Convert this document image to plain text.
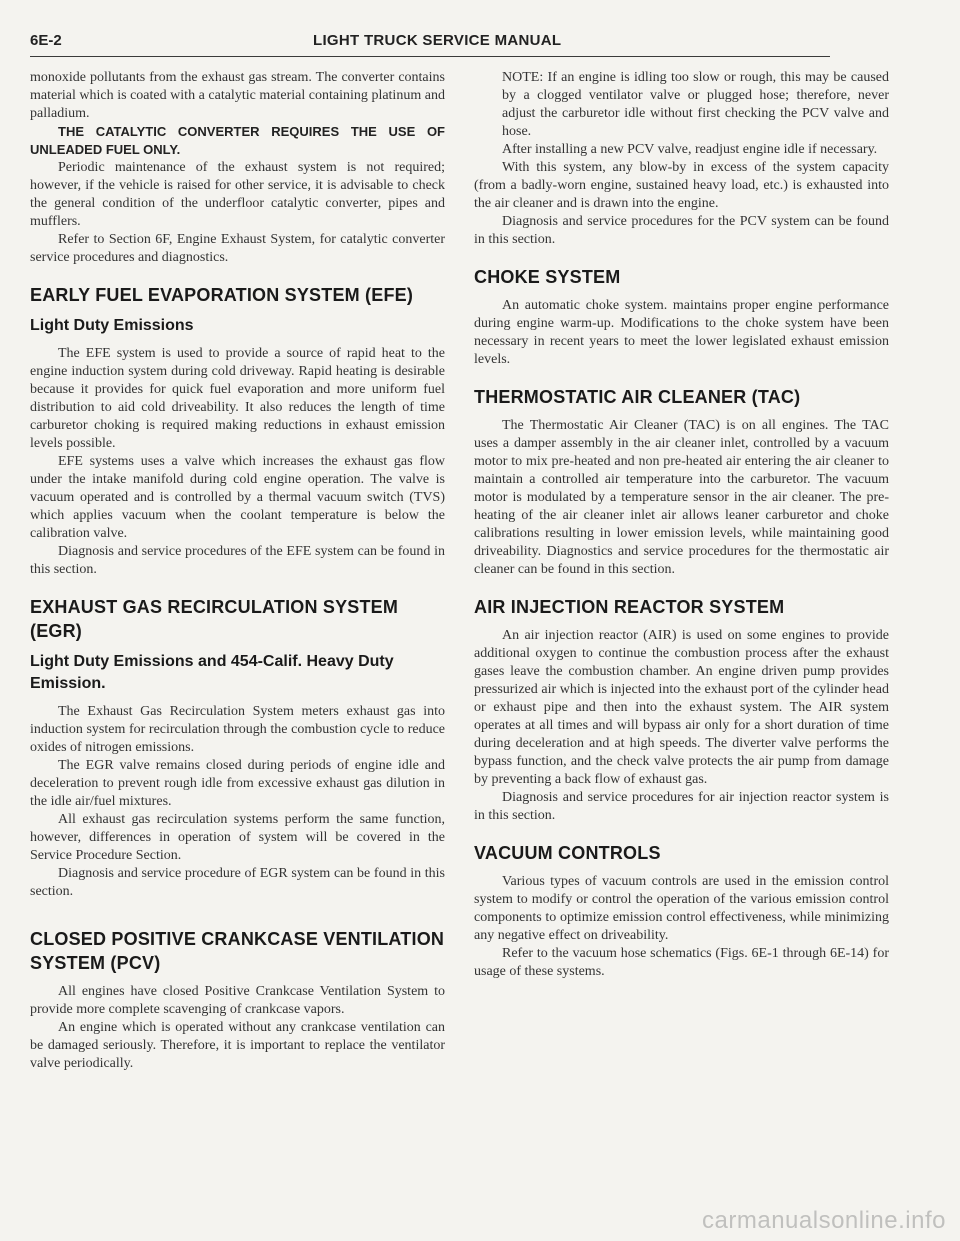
6E-2	LIGHT TRUCK SERVICE MANUAL

monoxide pollutants from the exhaust gas stream. The converter contains material which is coated with a catalytic material containing platinum and palladium.

THE CATALYTIC CONVERTER REQUIRES THE USE OF UNLEADED FUEL ONLY.

Periodic maintenance of the exhaust system is not required; however, if the vehicle is raised for other service, it is advisable to check the general condition of the underfloor catalytic converter, pipes and mufflers.

Refer to Section 6F, Engine Exhaust System, for catalytic converter service procedures and diagnostics.

EARLY FUEL EVAPORATION SYSTEM (EFE)
Light Duty Emissions

The EFE system is used to provide a source of rapid heat to the engine induction system during cold driveway. Rapid heating is desirable because it provides for quick fuel evaporation and more uniform fuel distribution to aid cold driveability. It also reduces the length of time carburetor choking is required making reductions in exhaust emission levels possible.

EFE systems uses a valve which increases the exhaust gas flow under the intake manifold during cold engine operation. The valve is vacuum operated and is controlled by a thermal vacuum switch (TVS) which applies vacuum when the coolant temperature is below the calibration valve.

Diagnosis and service procedures of the EFE system can be found in this section.

EXHAUST GAS RECIRCULATION SYSTEM (EGR)
Light Duty Emissions and 454-Calif. Heavy Duty Emission.

The Exhaust Gas Recirculation System meters exhaust gas into induction system for recirculation through the combustion cycle to reduce oxides of nitrogen emissions.

The EGR valve remains closed during periods of engine idle and deceleration to prevent rough idle from excessive exhaust gas dilution in the idle air/fuel mixtures.

All exhaust gas recirculation systems perform the same function, however, differences in operation of system will be covered in the Service Procedure Section.

Diagnosis and service procedure of EGR system can be found in this section.

CLOSED POSITIVE CRANKCASE VENTILATION SYSTEM (PCV)

All engines have closed Positive Crankcase Ventilation System to provide more complete scavenging of crankcase vapors.

An engine which is operated without any crankcase ventilation can be damaged seriously. Therefore, it is important to replace the ventilator valve periodically.

NOTE: If an engine is idling too slow or rough, this may be caused by a clogged ventilator valve or plugged hose; therefore, never adjust the carburetor idle without first checking the PCV valve and hose.

After installing a new PCV valve, readjust engine idle if necessary.

With this system, any blow-by in excess of the system capacity (from a badly-worn engine, sustained heavy load, etc.) is exhausted into the air cleaner and is drawn into the engine.

Diagnosis and service procedures for the PCV system can be found in this section.

CHOKE SYSTEM

An automatic choke system. maintains proper engine performance during engine warm-up. Modifications to the choke system have been necessary in recent years to meet the lower legislated exhaust emission levels.

THERMOSTATIC AIR CLEANER (TAC)

The Thermostatic Air Cleaner (TAC) is on all engines. The TAC uses a damper assembly in the air cleaner inlet, controlled by a vacuum motor to mix pre-heated and non pre-heated air entering the air cleaner to maintain a controlled air temperature into the carburetor. The vacuum motor is modulated by a temperature sensor in the air cleaner. The pre-heating of the air cleaner inlet air allows leaner carburetor and choke calibrations resulting in lower emission levels, while maintaining good driveability. Diagnostics and service procedures for the thermostatic air cleaner can be found in this section.

AIR INJECTION REACTOR SYSTEM

An air injection reactor (AIR) is used on some engines to provide additional oxygen to continue the combustion process after the exhaust gases leave the combustion chamber. An engine driven pump provides pressurized air which is injected into the exhaust port of the cylinder head or exhaust pipe and then into the exhaust system. The AIR system operates at all times and will bypass air only for a short duration of time during deceleration and at high speeds. The diverter valve performs the bypass function, and the check valve protects the air pump from damage by preventing a back flow of exhaust gas.

Diagnosis and service procedures for air injection reactor system is in this section.

VACUUM CONTROLS

Various types of vacuum controls are used in the emission control system to modify or control the operation of the various emission control components to optimize emission control effectiveness, while minimizing any negative effect on driveability.

Refer to the vacuum hose schematics (Figs. 6E-1 through 6E-14) for usage of these systems.

carmanualsonline.info
